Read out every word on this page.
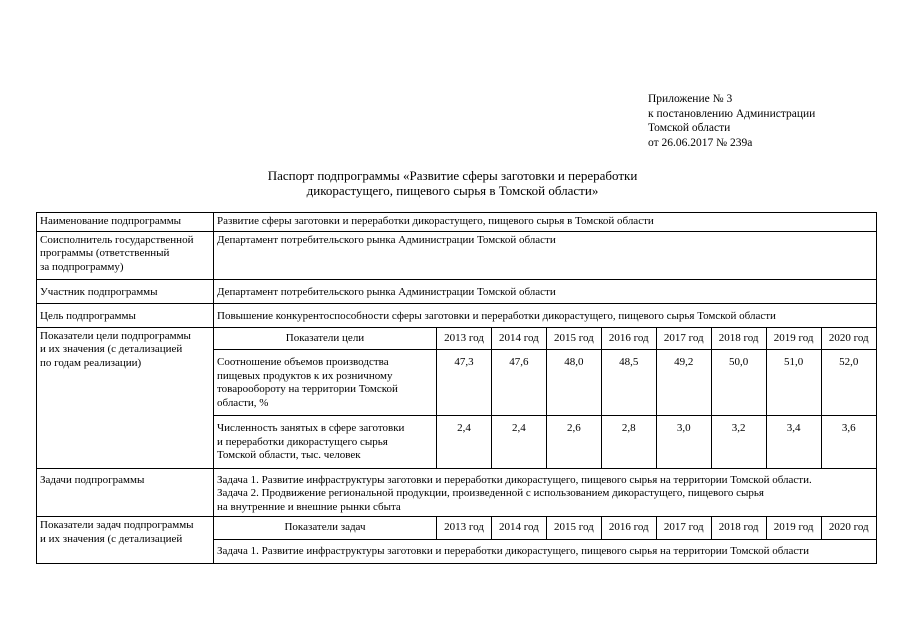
Приложение № 3
к постановлению Администрации
Томской области
от 26.06.2017 № 239а
Паспорт подпрограммы «Развитие сферы заготовки и переработки
дикорастущего, пищевого сырья в Томской области»
Наименование подпрограммы	Развитие сферы заготовки и переработки дикорастущего, пищевого сырья в Томской области
Соисполнитель государственной
программы (ответственный
за подпрограмму)	Департамент потребительского рынка Администрации Томской области
Участник подпрограммы	Департамент потребительского рынка Администрации Томской области
Цель подпрограммы	Повышение конкурентоспособности сферы заготовки и переработки дикорастущего, пищевого сырья Томской области
Показатели цели подпрограммы
и их значения (с детализацией
по годам реализации)	
Показатели цели	2013 год	2014 год	2015 год	2016 год	2017 год	2018 год	2019 год	2020 год
Соотношение объемов производства
пищевых продуктов к их розничному
товарообороту на территории Томской
области, %	47,3	47,6	48,0	48,5	49,2	50,0	51,0	52,0
Численность занятых в сфере заготовки
и переработки дикорастущего сырья
Томской области, тыс. человек	2,4	2,4	2,6	2,8	3,0	3,2	3,4	3,6

Задачи подпрограммы	Задача 1. Развитие инфраструктуры заготовки и переработки дикорастущего, пищевого сырья на территории Томской области.
Задача 2. Продвижение региональной продукции, произведенной с использованием дикорастущего, пищевого сырья
на внутренние и внешние рынки сбыта
Показатели задач подпрограммы
и их значения (с детализацией	
Показатели задач	2013 год	2014 год	2015 год	2016 год	2017 год	2018 год	2019 год	2020 год
Задача 1. Развитие инфраструктуры заготовки и переработки дикорастущего, пищевого сырья на территории Томской области
